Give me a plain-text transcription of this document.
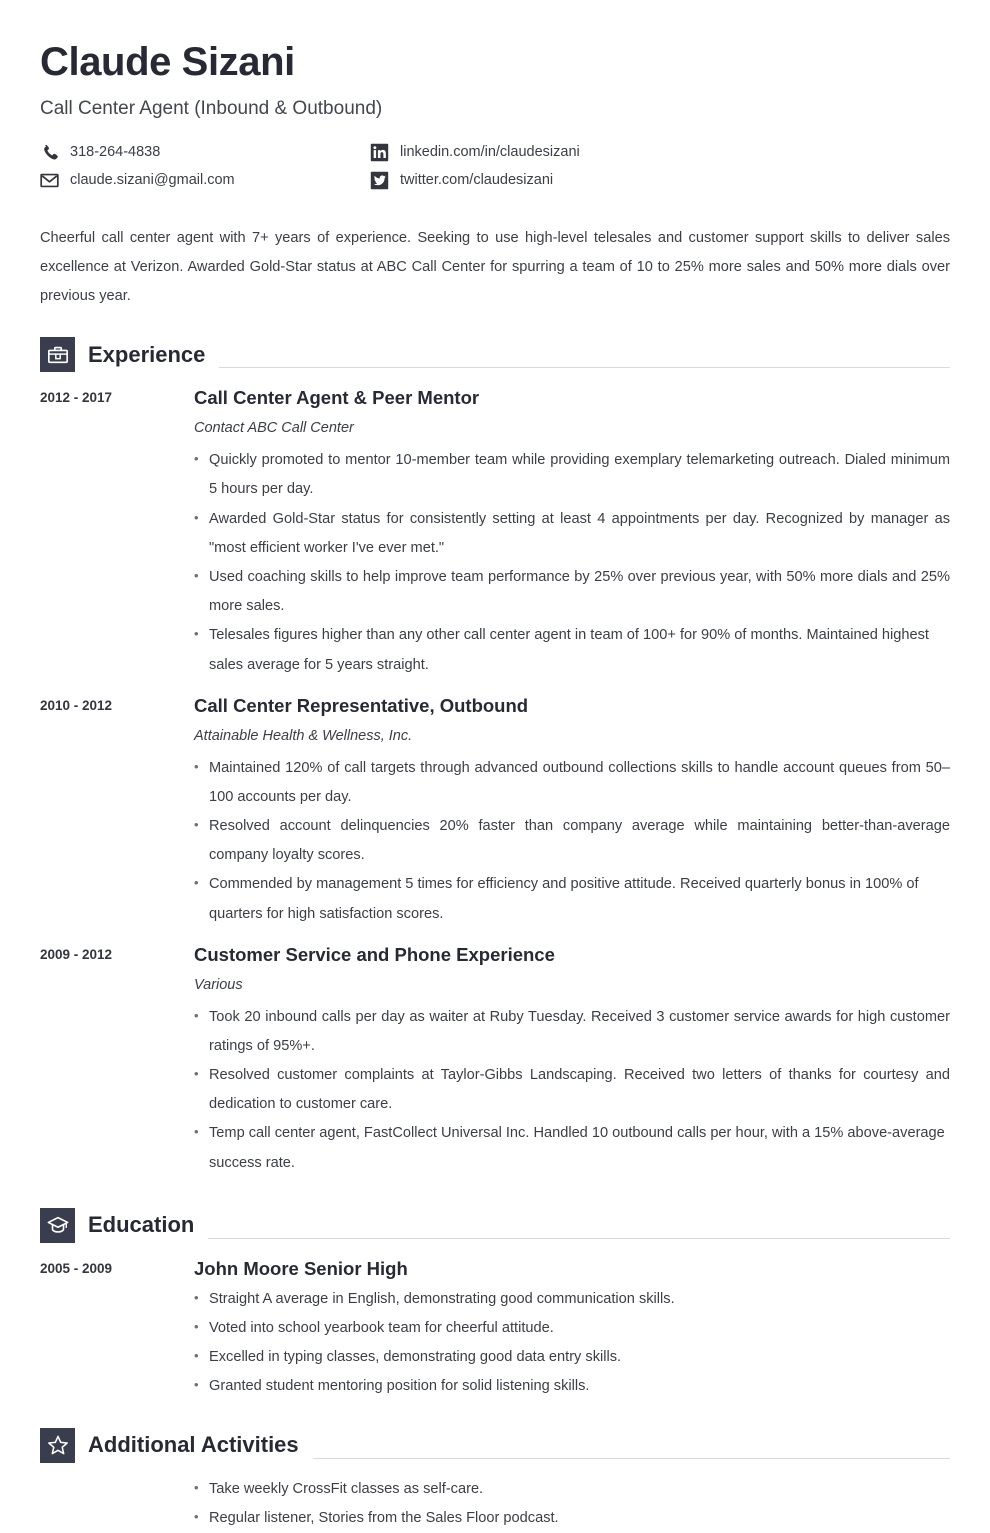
Claude Sizani
Call Center Agent (Inbound & Outbound)
318-264-4838	linkedin.com/in/claudesizani
claude.sizani@gmail.com	twitter.com/claudesizani

Cheerful call center agent with 7+ years of experience. Seeking to use high-level telesales and customer support skills to deliver sales excellence at Verizon. Awarded Gold-Star status at ABC Call Center for spurring a team of 10 to 25% more sales and 50% more dials over previous year.

Experience
2012 - 2017	Call Center Agent & Peer Mentor
Contact ABC Call Center
• Quickly promoted to mentor 10-member team while providing exemplary telemarketing outreach. Dialed minimum 5 hours per day.
• Awarded Gold-Star status for consistently setting at least 4 appointments per day. Recognized by manager as "most efficient worker I've ever met."
• Used coaching skills to help improve team performance by 25% over previous year, with 50% more dials and 25% more sales.
• Telesales figures higher than any other call center agent in team of 100+ for 90% of months. Maintained highest sales average for 5 years straight.
2010 - 2012	Call Center Representative, Outbound
Attainable Health & Wellness, Inc.
• Maintained 120% of call targets through advanced outbound collections skills to handle account queues from 50–100 accounts per day.
• Resolved account delinquencies 20% faster than company average while maintaining better-than-average company loyalty scores.
• Commended by management 5 times for efficiency and positive attitude. Received quarterly bonus in 100% of quarters for high satisfaction scores.
2009 - 2012	Customer Service and Phone Experience
Various
• Took 20 inbound calls per day as waiter at Ruby Tuesday. Received 3 customer service awards for high customer ratings of 95%+.
• Resolved customer complaints at Taylor-Gibbs Landscaping. Received two letters of thanks for courtesy and dedication to customer care.
• Temp call center agent, FastCollect Universal Inc. Handled 10 outbound calls per hour, with a 15% above-average success rate.
Education
2005 - 2009	John Moore Senior High
• Straight A average in English, demonstrating good communication skills.
• Voted into school yearbook team for cheerful attitude.
• Excelled in typing classes, demonstrating good data entry skills.
• Granted student mentoring position for solid listening skills.
Additional Activities
• Take weekly CrossFit classes as self-care.
• Regular listener, Stories from the Sales Floor podcast.
